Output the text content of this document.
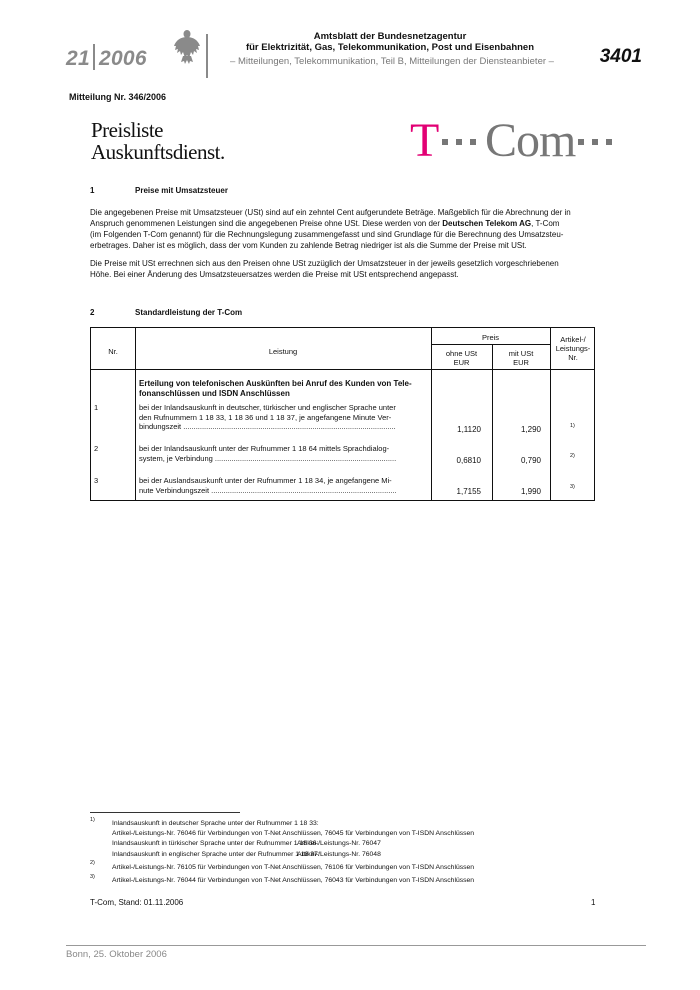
21 2006
Amtsblatt der Bundesnetzagentur
für Elektrizität, Gas, Telekommunikation, Post und Eisenbahnen
– Mitteilungen, Telekommunikation, Teil B, Mitteilungen der Diensteanbieter –	3401
Mitteilung Nr. 346/2006
Preisliste
Auskunftsdienst.	T Com
1	Preise mit Umsatzsteuer
Die angegebenen Preise mit Umsatzsteuer (USt) sind auf ein zehntel Cent aufgerundete Beträge. Maßgeblich für die Abrechnung der in
Anspruch genommenen Leistungen sind die angegebenen Preise ohne USt. Diese werden von der Deutschen Telekom AG, T-Com
(im Folgenden T-Com genannt) für die Rechnungslegung zusammengefasst und sind Grundlage für die Berechnung des Umsatzsteu-
erbetrages. Daher ist es möglich, dass der vom Kunden zu zahlende Betrag niedriger ist als die Summe der Preise mit USt.
Die Preise mit USt errechnen sich aus den Preisen ohne USt zuzüglich der Umsatzsteuer in der jeweils gesetzlich vorgeschriebenen
Höhe. Bei einer Änderung des Umsatzsteuersatzes werden die Preise mit USt entsprechend angepasst.
2	Standardleistung der T-Com
Nr.	Leistung
Preis
ohne USt
EUR
mit USt
EUR
Artikel-/
Leistungs-
Nr.
Erteilung von telefonischen Auskünften bei Anruf des Kunden von Tele-
fonanschlüssen und ISDN Anschlüssen
1	bei der Inlandsauskunft in deutscher, türkischer und englischer Sprache unter
den Rufnummern 1 18 33, 1 18 36 und 1 18 37, je angefangene Minute Ver-
bindungszeit ......................................................................................................	1,1120	1,290	1)
2	bei der Inlandsauskunft unter der Rufnummer 1 18 64 mittels Sprachdialog-
system, je Verbindung .......................................................................................	0,6810	0,790	2)
3	bei der Auslandsauskunft unter der Rufnummer 1 18 34, je angefangene Mi-
nute Verbindungszeit .........................................................................................	1,7155	1,990	3)
1)	Inlandsauskunft in deutscher Sprache unter der Rufnummer 1 18 33:
Artikel-/Leistungs-Nr. 76046 für Verbindungen von T-Net Anschlüssen, 76045 für Verbindungen von T-ISDN Anschlüssen
Inlandsauskunft in türkischer Sprache unter der Rufnummer 1 18 36:
Artikel-/Leistungs-Nr. 76047
Inlandsauskunft in englischer Sprache unter der Rufnummer 1 18 37:
Artikel-/Leistungs-Nr. 76048
2)
Artikel-/Leistungs-Nr. 76105 für Verbindungen von T-Net Anschlüssen, 76106 für Verbindungen von T-ISDN Anschlüssen
3)	Artikel-/Leistungs-Nr. 76044 für Verbindungen von T-Net Anschlüssen, 76043 für Verbindungen von T-ISDN Anschlüssen
T-Com, Stand: 01.11.2006	1
Bonn, 25. Oktober 2006
